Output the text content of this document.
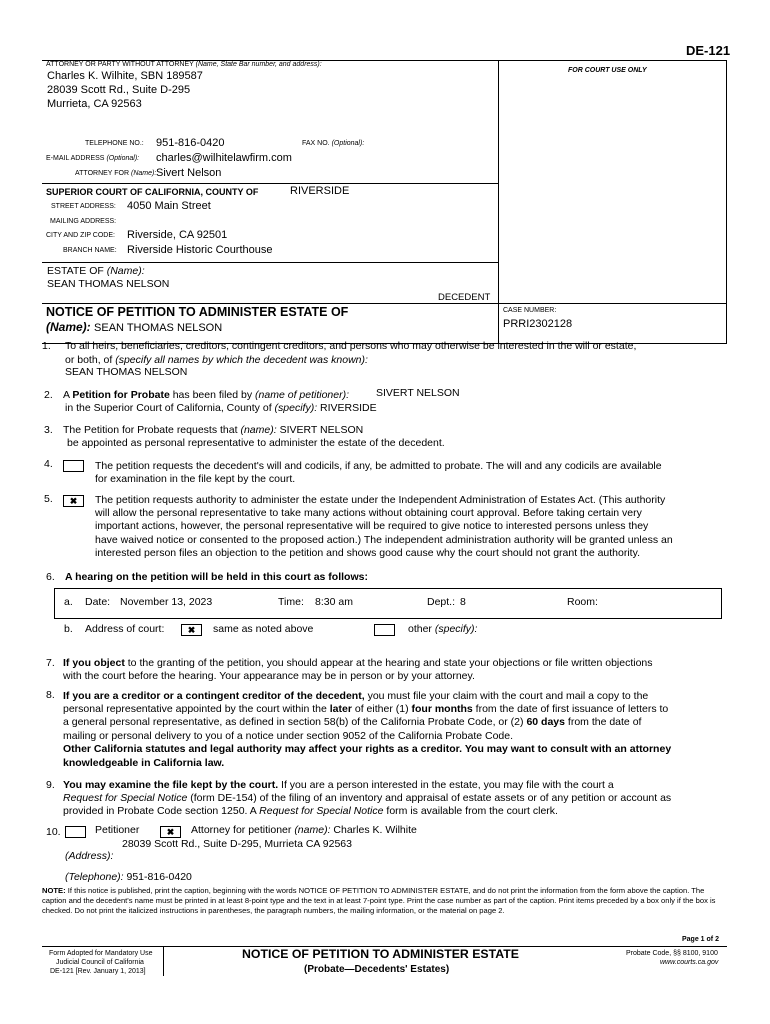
DE-121
FOR COURT USE ONLY
ATTORNEY OR PARTY WITHOUT ATTORNEY (Name, State Bar number, and address):
Charles K. Wilhite, SBN 189587
28039 Scott Rd., Suite D-295
Murrieta, CA 92563
TELEPHONE NO.: 951-816-0420	FAX NO. (Optional):
E-MAIL ADDRESS (Optional): charles@wilhitelawfirm.com
ATTORNEY FOR (Name): Sivert Nelson
SUPERIOR COURT OF CALIFORNIA, COUNTY OF	RIVERSIDE
STREET ADDRESS: 4050 Main Street
MAILING ADDRESS:
CITY AND ZIP CODE: Riverside, CA 92501
BRANCH NAME: Riverside Historic Courthouse
ESTATE OF (Name):
SEAN THOMAS NELSON
DECEDENT
NOTICE OF PETITION TO ADMINISTER ESTATE OF
(Name): SEAN THOMAS NELSON
CASE NUMBER:
PRRI2302128
1. To all heirs, beneficiaries, creditors, contingent creditors, and persons who may otherwise be interested in the will or estate,
or both, of (specify all names by which the decedent was known):
SEAN THOMAS NELSON
2. A Petition for Probate has been filed by (name of petitioner):	SIVERT NELSON
in the Superior Court of California, County of (specify): RIVERSIDE
3. The Petition for Probate requests that (name): SIVERT NELSON
be appointed as personal representative to administer the estate of the decedent.
4.	The petition requests the decedent's will and codicils, if any, be admitted to probate. The will and any codicils are available
for examination in the file kept by the court.
5.	✖	The petition requests authority to administer the estate under the Independent Administration of Estates Act. (This authority
will allow the personal representative to take many actions without obtaining court approval. Before taking certain very
important actions, however, the personal representative will be required to give notice to interested persons unless they
have waived notice or consented to the proposed action.) The independent administration authority will be granted unless an
interested person files an objection to the petition and shows good cause why the court should not grant the authority.
6. A hearing on the petition will be held in this court as follows:
a. Date: November 13, 2023	Time: 8:30 am	Dept.: 8	Room:
b. Address of court:	✖	same as noted above	other (specify):
7. If you object to the granting of the petition, you should appear at the hearing and state your objections or file written objections
with the court before the hearing. Your appearance may be in person or by your attorney.
8. If you are a creditor or a contingent creditor of the decedent, you must file your claim with the court and mail a copy to the
personal representative appointed by the court within the later of either (1) four months from the date of first issuance of letters to
a general personal representative, as defined in section 58(b) of the California Probate Code, or (2) 60 days from the date of
mailing or personal delivery to you of a notice under section 9052 of the California Probate Code.
Other California statutes and legal authority may affect your rights as a creditor. You may want to consult with an attorney
knowledgeable in California law.
9. You may examine the file kept by the court. If you are a person interested in the estate, you may file with the court a
Request for Special Notice (form DE-154) of the filing of an inventory and appraisal of estate assets or of any petition or account as
provided in Probate Code section 1250. A Request for Special Notice form is available from the court clerk.
10.	Petitioner	✖	Attorney for petitioner (name): Charles K. Wilhite
28039 Scott Rd., Suite D-295, Murrieta CA 92563
(Address):
(Telephone): 951-816-0420
NOTE: If this notice is published, print the caption, beginning with the words NOTICE OF PETITION TO ADMINISTER ESTATE, and do not print the information from the form above the caption. The caption and the decedent's name must be printed in at least 8-point type and the text in at least 7-point type. Print the case number as part of the caption. Print items preceded by a box only if the box is checked. Do not print the italicized instructions in parentheses, the paragraph numbers, the mailing information, or the material on page 2.
Page 1 of 2
Form Adopted for Mandatory Use
Judicial Council of California
DE-121 [Rev. January 1, 2013]
NOTICE OF PETITION TO ADMINISTER ESTATE
(Probate—Decedents' Estates)
Probate Code, §§ 8100, 9100
www.courts.ca.gov
